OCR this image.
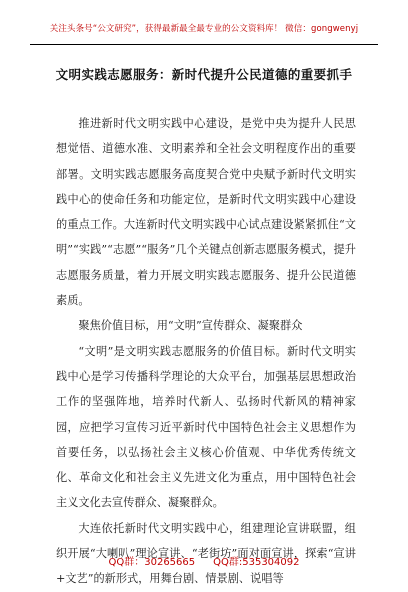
关注头条号“公文研究”，获得最新最全最专业的公文资料库！ 微信：gongwenyj
文明实践志愿服务：新时代提升公民道德的重要抓手

推进新时代文明实践中心建设，是党中央为提升人民思想觉悟、道德水准、文明素养和全社会文明程度作出的重要部署。文明实践志愿服务高度契合党中央赋予新时代文明实践中心的使命任务和功能定位，是新时代文明实践中心建设的重点工作。大连新时代文明实践中心试点建设紧紧抓住“文明”“实践”“志愿”“服务”几个关键点创新志愿服务模式，提升志愿服务质量，着力开展文明实践志愿服务、提升公民道德素质。

聚焦价值目标，用“文明”宣传群众、凝聚群众

“文明”是文明实践志愿服务的价值目标。新时代文明实践中心是学习传播科学理论的大众平台，加强基层思想政治工作的坚强阵地，培养时代新人、弘扬时代新风的精神家园，应把学习宣传习近平新时代中国特色社会主义思想作为首要任务，以弘扬社会主义核心价值观、中华优秀传统文化、革命文化和社会主义先进文化为重点，用中国特色社会主义文化去宣传群众、凝聚群众。

大连依托新时代文明实践中心，组建理论宣讲联盟，组织开展“大喇叭”理论宣讲、“老街坊”面对面宣讲，探索“宣讲+文艺”的新形式，用舞台剧、情景剧、说唱等

QQ群：30265665 QQ群:535304092
